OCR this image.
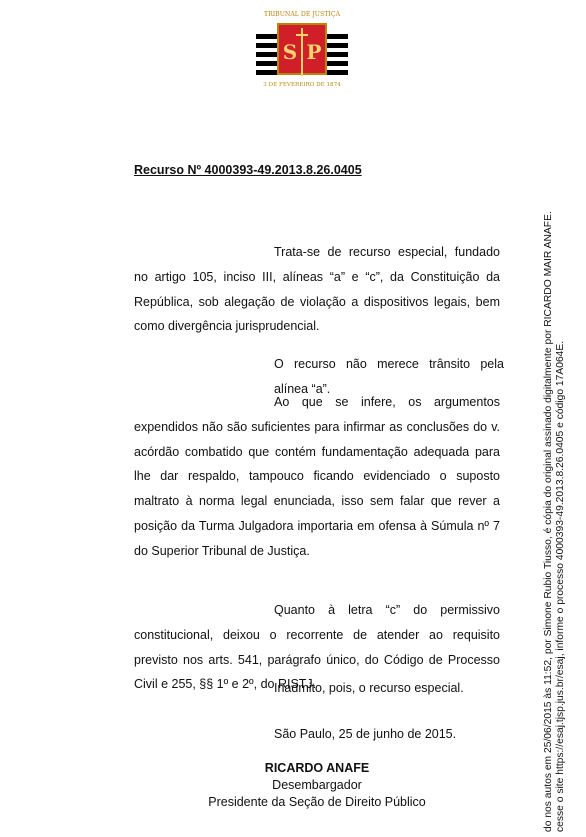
S P
TRIBUNAL DE JUSTIÇA
3 DE FEVEREIRO DE 1874
Recurso Nº 4000393-49.2013.8.26.0405

Trata-se de recurso especial, fundado no artigo 105, inciso III, alíneas “a” e “c”, da Constituição da República, sob alegação de violação a dispositivos legais, bem como divergência jurisprudencial.

O recurso não merece trânsito pela alínea “a”.

Ao que se infere, os argumentos expendidos não são suficientes para infirmar as conclusões do v. acórdão combatido que contém fundamentação adequada para lhe dar respaldo, tampouco ficando evidenciado o suposto maltrato à norma legal enunciada, isso sem falar que rever a posição da Turma Julgadora importaria em ofensa à Súmula nº 7 do Superior Tribunal de Justiça.

Quanto à letra “c” do permissivo constitucional, deixou o recorrente de atender ao requisito previsto nos arts. 541, parágrafo único, do Código de Processo Civil e 255, §§ 1º e 2º, do RISTJ.

Inadmito, pois, o recurso especial.

São Paulo, 25 de junho de 2015.

RICARDO ANAFE
Desembargador
Presidente da Seção de Direito Público	do nos autos em 25/06/2015 às 11:52, por Simone Rubio Tiusso, é cópia do original assinado digitalmente por RICARDO MAIR ANAFE. cesse o site https://esaj.tjsp.jus.br/esaj, informe o processo 4000393-49.2013.8.26.0405 e código 17A064E.
